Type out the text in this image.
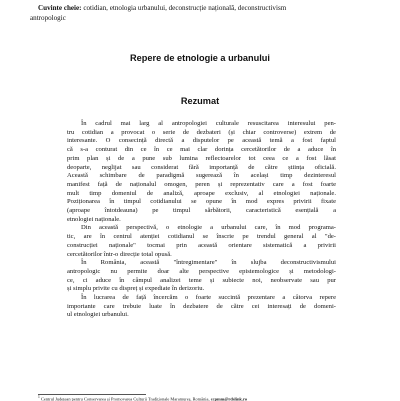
Cuvinte cheie: cotidian, etnologia urbanului, deconstrucție națională, deconstructivism
antropologic
Repere de etnologie a urbanului
Rezumat
În cadrul mai larg al antropologiei culturale resuscitarea interesului pen-
tru cotidian a provocat o serie de dezbateri (și chiar controverse) extrem de
interesante. O consecință directă a disputelor pe această temă a fost faptul
că s-a conturat din ce în ce mai clar dorința cercetătorilor de a aduce în
prim plan și de a pune sub lumina reflectoarelor tot ceea ce a fost lăsat
deoparte, neglijat sau considerat fără importanță de către știința oficială.
Această schimbare de paradigmă sugerează în același timp dezinteresul
manifest față de naționalul omogen, peren și reprezentativ care a fost foarte
mult timp domeniul de analiză, aproape exclusiv, al etnologiei naționale.
Poziționarea în timpul cotidianului se opune în mod expres privirii fixate
(aproape întotdeauna) pe timpul sărbătorii, caracteristică esențială a
etnologiei naționale.
Din această perspectivă, o etnologie a urbanului care, în mod programa-
tic, are în centrul atenției cotidianul se înscrie pe trendul general al "de-
construcției naționale" tocmai prin această orientare sistematică a privirii
cercetătorilor într-o direcție total opusă.
În România, această "întregimentare" în slujba deconstructivismului
antropologic nu permite doar alte perspective epistemologice și metodologi-
ce, ci aduce în câmpul analizei teme și subiecte noi, neobservate sau pur
și simplu privite cu dispreț și expediate în derizoriu.
În lucrarea de față încercăm o foarte succintă prezentare a câtorva repere
importante care trebuie luate în dezbatere de către cei interesați de domeni-
ul etnologiei urbanului.
$^1$ Centrul Județean pentru Conservarea și Promovarea Culturii Tradiționale Maramureș, România, ccpmm@rdslink.ro
